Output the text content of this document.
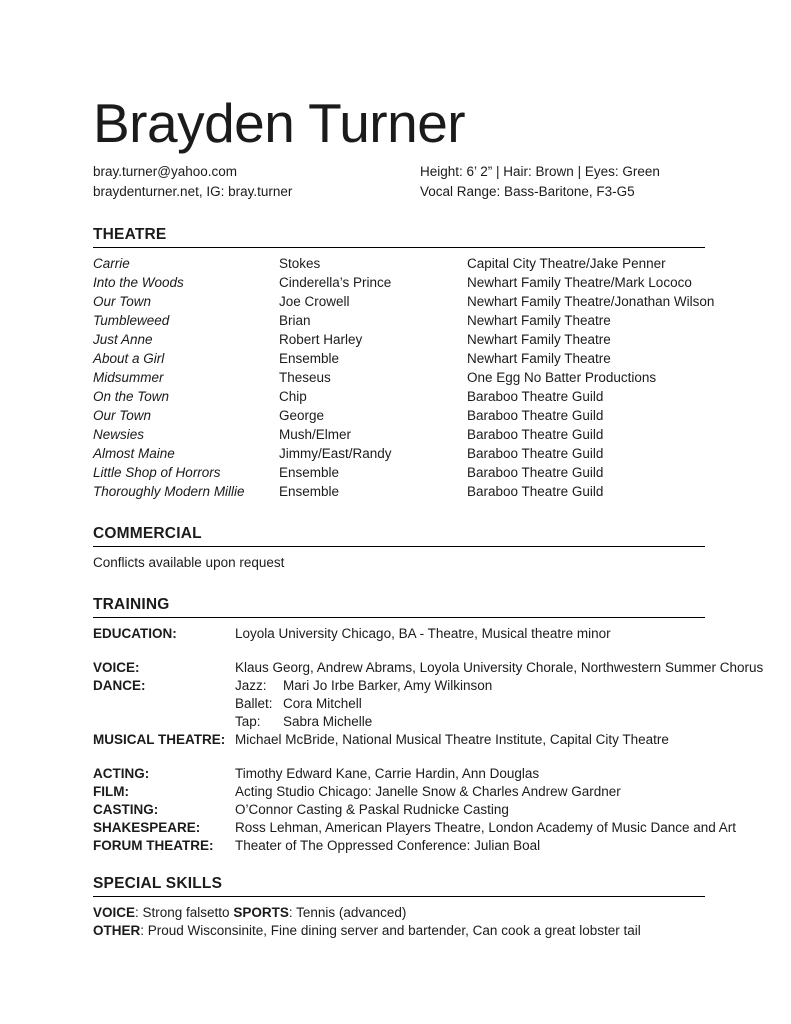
Brayden Turner
bray.turner@yahoo.com
braydenturner.net, IG: bray.turner
Height: 6’ 2” | Hair: Brown | Eyes: Green
Vocal Range: Bass-Baritone, F3-G5
THEATRE
Carrie	Stokes	Capital City Theatre/Jake Penner
Into the Woods	Cinderella’s Prince	Newhart Family Theatre/Mark Lococo
Our Town	Joe Crowell	Newhart Family Theatre/Jonathan Wilson
Tumbleweed	Brian	Newhart Family Theatre
Just Anne	Robert Harley	Newhart Family Theatre
About a Girl	Ensemble	Newhart Family Theatre
Midsummer	Theseus	One Egg No Batter Productions
On the Town	Chip	Baraboo Theatre Guild
Our Town	George	Baraboo Theatre Guild
Newsies	Mush/Elmer	Baraboo Theatre Guild
Almost Maine	Jimmy/East/Randy	Baraboo Theatre Guild
Little Shop of Horrors	Ensemble	Baraboo Theatre Guild
Thoroughly Modern Millie	Ensemble	Baraboo Theatre Guild
COMMERCIAL
Conflicts available upon request
TRAINING
EDUCATION:	Loyola University Chicago, BA - Theatre, Musical theatre minor
VOICE:	Klaus Georg, Andrew Abrams, Loyola University Chorale, Northwestern Summer Chorus
DANCE:	Jazz:	Mari Jo Irbe Barker, Amy Wilkinson
Ballet: Cora Mitchell
Tap:	Sabra Michelle
MUSICAL THEATRE: Michael McBride, National Musical Theatre Institute, Capital City Theatre
ACTING:	Timothy Edward Kane, Carrie Hardin, Ann Douglas
FILM:	Acting Studio Chicago: Janelle Snow & Charles Andrew Gardner
CASTING:	O’Connor Casting & Paskal Rudnicke Casting
SHAKESPEARE:	Ross Lehman, American Players Theatre, London Academy of Music Dance and Art
FORUM THEATRE:	Theater of The Oppressed Conference: Julian Boal
SPECIAL SKILLS
VOICE: Strong falsetto SPORTS: Tennis (advanced)
OTHER: Proud Wisconsinite, Fine dining server and bartender, Can cook a great lobster tail
